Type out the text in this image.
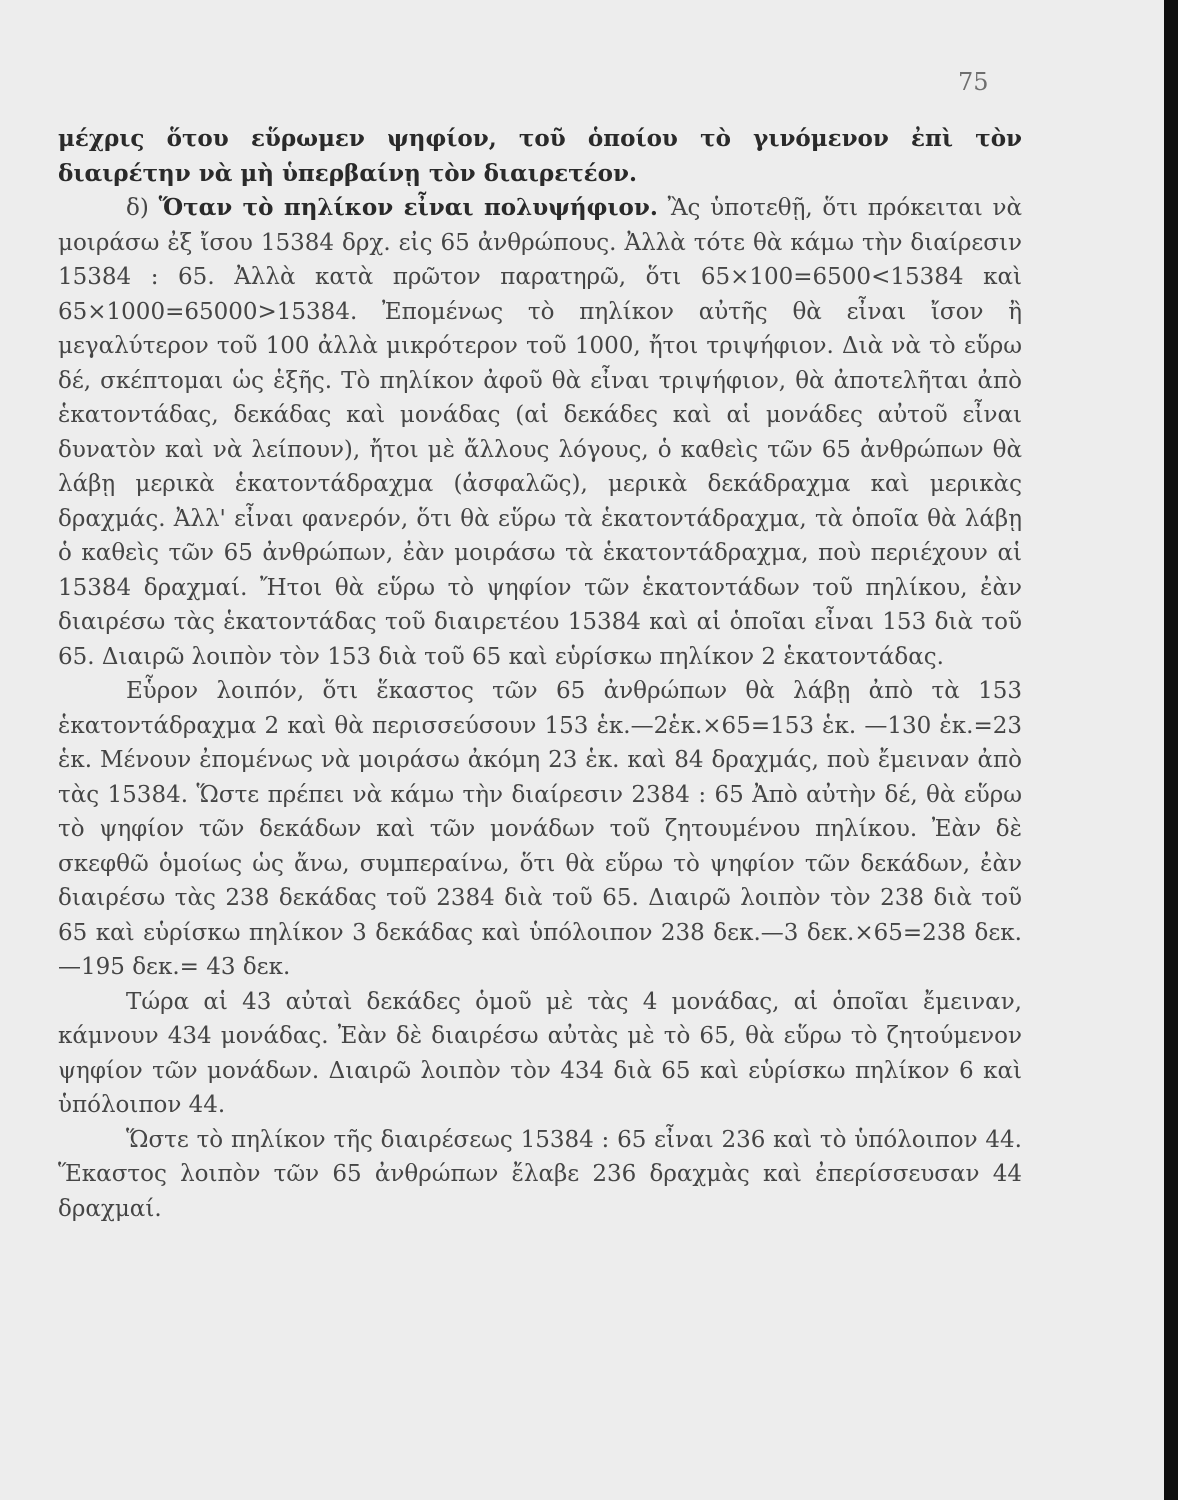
75

μέχρις ὅτου εὕρωμεν ψηφίον, τοῦ ὁποίου τὸ γινόμενον ἐπὶ τὸν διαιρέτην νὰ μὴ ὑπερβαίνῃ τὸν διαιρετέον.

δ) Ὅταν τὸ πηλίκον εἶναι πολυψήφιον. Ἂς ὑποτεθῇ, ὅτι πρόκειται νὰ μοιράσω ἐξ ἴσου 15384 δρχ. εἰς 65 ἀνθρώπους. Ἀλλὰ τότε θὰ κάμω τὴν διαίρεσιν 15384 : 65. Ἀλλὰ κατὰ πρῶτον παρατηρῶ, ὅτι 65×100=6500<15384 καὶ 65×1000=65000>15384. Ἐπομένως τὸ πηλίκον αὐτῆς θὰ εἶναι ἴσον ἢ μεγαλύτερον τοῦ 100 ἀλλὰ μικρότερον τοῦ 1000, ἤτοι τριψήφιον. Διὰ νὰ τὸ εὕρω δέ, σκέπτομαι ὡς ἑξῆς. Τὸ πηλίκον ἀφοῦ θὰ εἶναι τριψήφιον, θὰ ἀποτελῆται ἀπὸ ἑκατοντάδας, δεκάδας καὶ μονάδας (αἱ δεκάδες καὶ αἱ μονάδες αὐτοῦ εἶναι δυνατὸν καὶ νὰ λείπουν), ἤτοι μὲ ἄλλους λόγους, ὁ καθεὶς τῶν 65 ἀνθρώπων θὰ λάβῃ μερικὰ ἑκατοντάδραχμα (ἀσφαλῶς), μερικὰ δεκάδραχμα καὶ μερικὰς δραχμάς. Ἀλλ' εἶναι φανερόν, ὅτι θὰ εὕρω τὰ ἑκατοντάδραχμα, τὰ ὁποῖα θὰ λάβῃ ὁ καθεὶς τῶν 65 ἀνθρώπων, ἐὰν μοιράσω τὰ ἑκατοντάδραχμα, ποὺ περιέχουν αἱ 15384 δραχμαί. Ἤτοι θὰ εὕρω τὸ ψηφίον τῶν ἑκατοντάδων τοῦ πηλίκου, ἐὰν διαιρέσω τὰς ἑκατοντάδας τοῦ διαιρετέου 15384 καὶ αἱ ὁποῖαι εἶναι 153 διὰ τοῦ 65. Διαιρῶ λοιπὸν τὸν 153 διὰ τοῦ 65 καὶ εὑρίσκω πηλίκον 2 ἑκατοντάδας.

Εὗρον λοιπόν, ὅτι ἕκαστος τῶν 65 ἀνθρώπων θὰ λάβῃ ἀπὸ τὰ 153 ἑκατοντάδραχμα 2 καὶ θὰ περισσεύσουν 153 ἑκ.—2ἑκ.×65=153 ἑκ. —130 ἑκ.=23 ἑκ. Μένουν ἐπομένως νὰ μοιράσω ἀκόμη 23 ἑκ. καὶ 84 δραχμάς, ποὺ ἔμειναν ἀπὸ τὰς 15384. Ὥστε πρέπει νὰ κάμω τὴν διαίρεσιν 2384 : 65 Ἀπὸ αὐτὴν δέ, θὰ εὕρω τὸ ψηφίον τῶν δεκάδων καὶ τῶν μονάδων τοῦ ζητουμένου πηλίκου. Ἐὰν δὲ σκεφθῶ ὁμοίως ὡς ἄνω, συμπεραίνω, ὅτι θὰ εὕρω τὸ ψηφίον τῶν δεκάδων, ἐὰν διαιρέσω τὰς 238 δεκάδας τοῦ 2384 διὰ τοῦ 65. Διαιρῶ λοιπὸν τὸν 238 διὰ τοῦ 65 καὶ εὑρίσκω πηλίκον 3 δεκάδας καὶ ὑπόλοιπον 238 δεκ.—3 δεκ.×65=238 δεκ.—195 δεκ.= 43 δεκ.

Τώρα αἱ 43 αὐταὶ δεκάδες ὁμοῦ μὲ τὰς 4 μονάδας, αἱ ὁποῖαι ἔμειναν, κάμνουν 434 μονάδας. Ἐὰν δὲ διαιρέσω αὐτὰς μὲ τὸ 65, θὰ εὕρω τὸ ζητούμενον ψηφίον τῶν μονάδων. Διαιρῶ λοιπὸν τὸν 434 διὰ 65 καὶ εὑρίσκω πηλίκον 6 καὶ ὑπόλοιπον 44.

Ὥστε τὸ πηλίκον τῆς διαιρέσεως 15384 : 65 εἶναι 236 καὶ τὸ ὑπόλοιπον 44. Ἕκαστος λοιπὸν τῶν 65 ἀνθρώπων ἔλαβε 236 δραχμὰς καὶ ἐπερίσσευσαν 44 δραχμαί.
